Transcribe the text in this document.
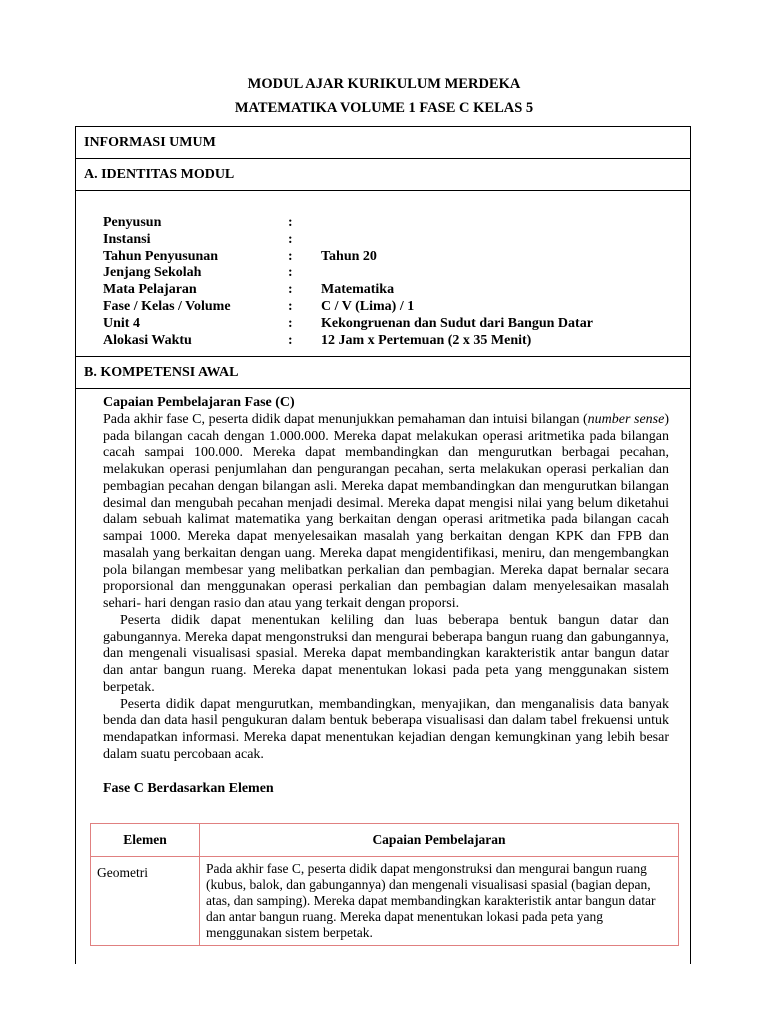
MODUL AJAR KURIKULUM MERDEKA
MATEMATIKA VOLUME 1 FASE C KELAS 5
INFORMASI UMUM
A. IDENTITAS MODUL
Penyusun	:
Instansi	:
Tahun Penyusunan	: Tahun 20
Jenjang Sekolah	:
Mata Pelajaran	: Matematika
Fase / Kelas / Volume	: C / V (Lima) / 1
Unit 4	: Kekongruenan dan Sudut dari Bangun Datar
Alokasi Waktu	: 12 Jam x Pertemuan (2 x 35 Menit)
B. KOMPETENSI AWAL
Capaian Pembelajaran Fase (C)

Pada akhir fase C, peserta didik dapat menunjukkan pemahaman dan intuisi bilangan (number sense) pada bilangan cacah dengan 1.000.000. Mereka dapat melakukan operasi aritmetika pada bilangan cacah sampai 100.000. Mereka dapat membandingkan dan mengurutkan berbagai pecahan, melakukan operasi penjumlahan dan pengurangan pecahan, serta melakukan operasi perkalian dan pembagian pecahan dengan bilangan asli. Mereka dapat membandingkan dan mengurutkan bilangan desimal dan mengubah pecahan menjadi desimal. Mereka dapat mengisi nilai yang belum diketahui dalam sebuah kalimat matematika yang berkaitan dengan operasi aritmetika pada bilangan cacah sampai 1000. Mereka dapat menyelesaikan masalah yang berkaitan dengan KPK dan FPB dan masalah yang berkaitan dengan uang. Mereka dapat mengidentifikasi, meniru, dan mengembangkan pola bilangan membesar yang melibatkan perkalian dan pembagian. Mereka dapat bernalar secara proporsional dan menggunakan operasi perkalian dan pembagian dalam menyelesaikan masalah sehari- hari dengan rasio dan atau yang terkait dengan proporsi.

Peserta didik dapat menentukan keliling dan luas beberapa bentuk bangun datar dan gabungannya. Mereka dapat mengonstruksi dan mengurai beberapa bangun ruang dan gabungannya, dan mengenali visualisasi spasial. Mereka dapat membandingkan karakteristik antar bangun datar dan antar bangun ruang. Mereka dapat menentukan lokasi pada peta yang menggunakan sistem berpetak.

Peserta didik dapat mengurutkan, membandingkan, menyajikan, dan menganalisis data banyak benda dan data hasil pengukuran dalam bentuk beberapa visualisasi dan dalam tabel frekuensi untuk mendapatkan informasi. Mereka dapat menentukan kejadian dengan kemungkinan yang lebih besar dalam suatu percobaan acak.

Fase C Berdasarkan Elemen
Elemen	Capaian Pembelajaran
Geometri	Pada akhir fase C, peserta didik dapat mengonstruksi dan mengurai bangun ruang (kubus, balok, dan gabungannya) dan mengenali visualisasi spasial (bagian depan, atas, dan samping). Mereka dapat membandingkan karakteristik antar bangun datar dan antar bangun ruang. Mereka dapat menentukan lokasi pada peta yang menggunakan sistem berpetak.
